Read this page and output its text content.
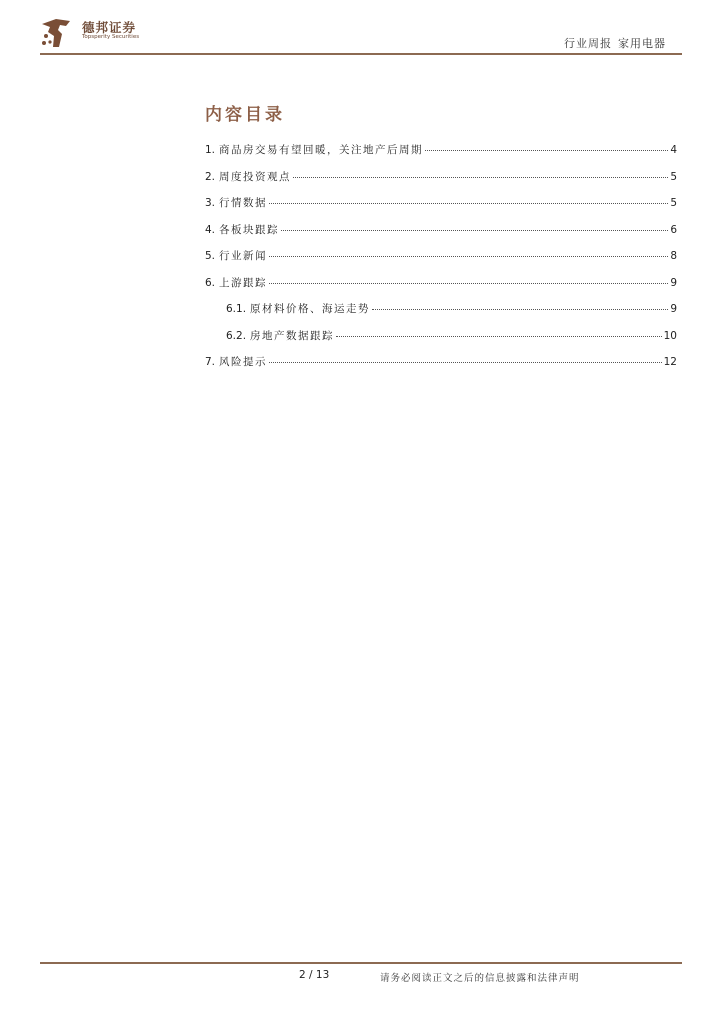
德邦证券
Topsperity Securities	行业周报 家用电器
内容目录
1. 商品房交易有望回暖，关注地产后周期	4
2. 周度投资观点	5
3. 行情数据	5
4. 各板块跟踪	6
5. 行业新闻	8
6. 上游跟踪	9
6.1. 原材料价格、海运走势	9
6.2. 房地产数据跟踪	10
7. 风险提示	12
2 / 13	请务必阅读正文之后的信息披露和法律声明
